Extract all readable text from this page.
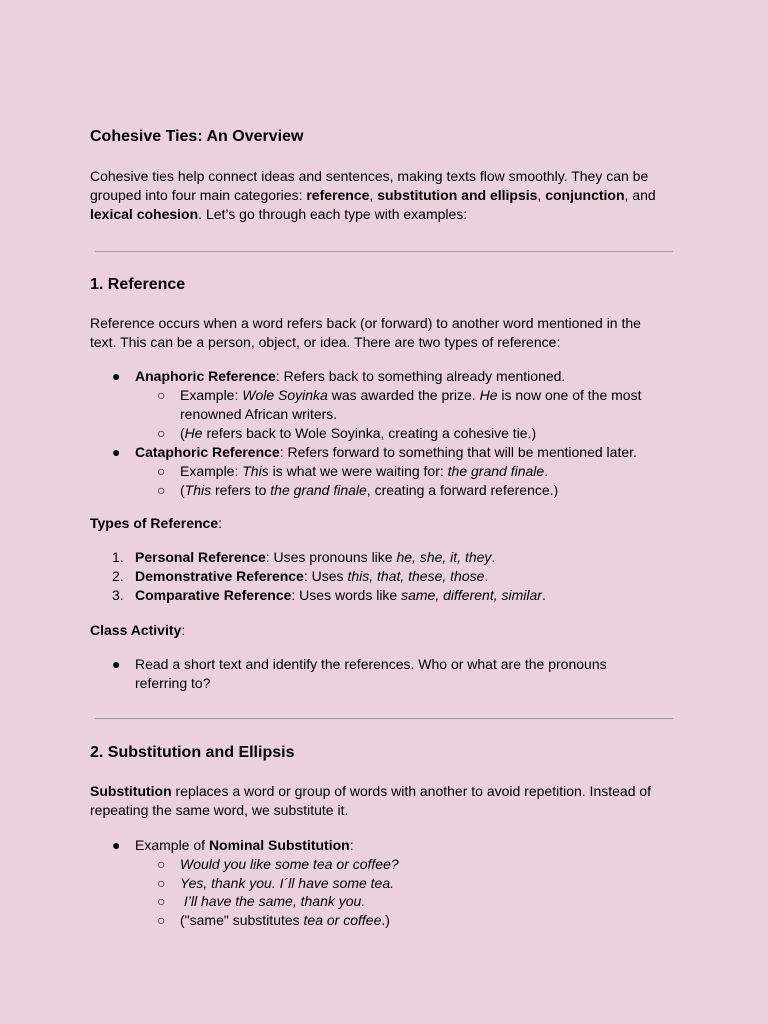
Cohesive Ties: An Overview
Cohesive ties help connect ideas and sentences, making texts flow smoothly. They can be grouped into four main categories: reference, substitution and ellipsis, conjunction, and lexical cohesion. Let’s go through each type with examples:
1. Reference
Reference occurs when a word refers back (or forward) to another word mentioned in the text. This can be a person, object, or idea. There are two types of reference:
● Anaphoric Reference: Refers back to something already mentioned.
○ Example: Wole Soyinka was awarded the prize. He is now one of the most renowned African writers.
○ (He refers back to Wole Soyinka, creating a cohesive tie.)
● Cataphoric Reference: Refers forward to something that will be mentioned later.
○ Example: This is what we were waiting for: the grand finale.
○ (This refers to the grand finale, creating a forward reference.)
Types of Reference:
1. Personal Reference: Uses pronouns like he, she, it, they.
2. Demonstrative Reference: Uses this, that, these, those.
3. Comparative Reference: Uses words like same, different, similar.
Class Activity:
● Read a short text and identify the references. Who or what are the pronouns referring to?
2. Substitution and Ellipsis
Substitution replaces a word or group of words with another to avoid repetition. Instead of repeating the same word, we substitute it.
● Example of Nominal Substitution:
○ Would you like some tea or coffee?
○ Yes, thank you. I´ll have some tea.
○ I’ll have the same, thank you.
○ ("same" substitutes tea or coffee.)
